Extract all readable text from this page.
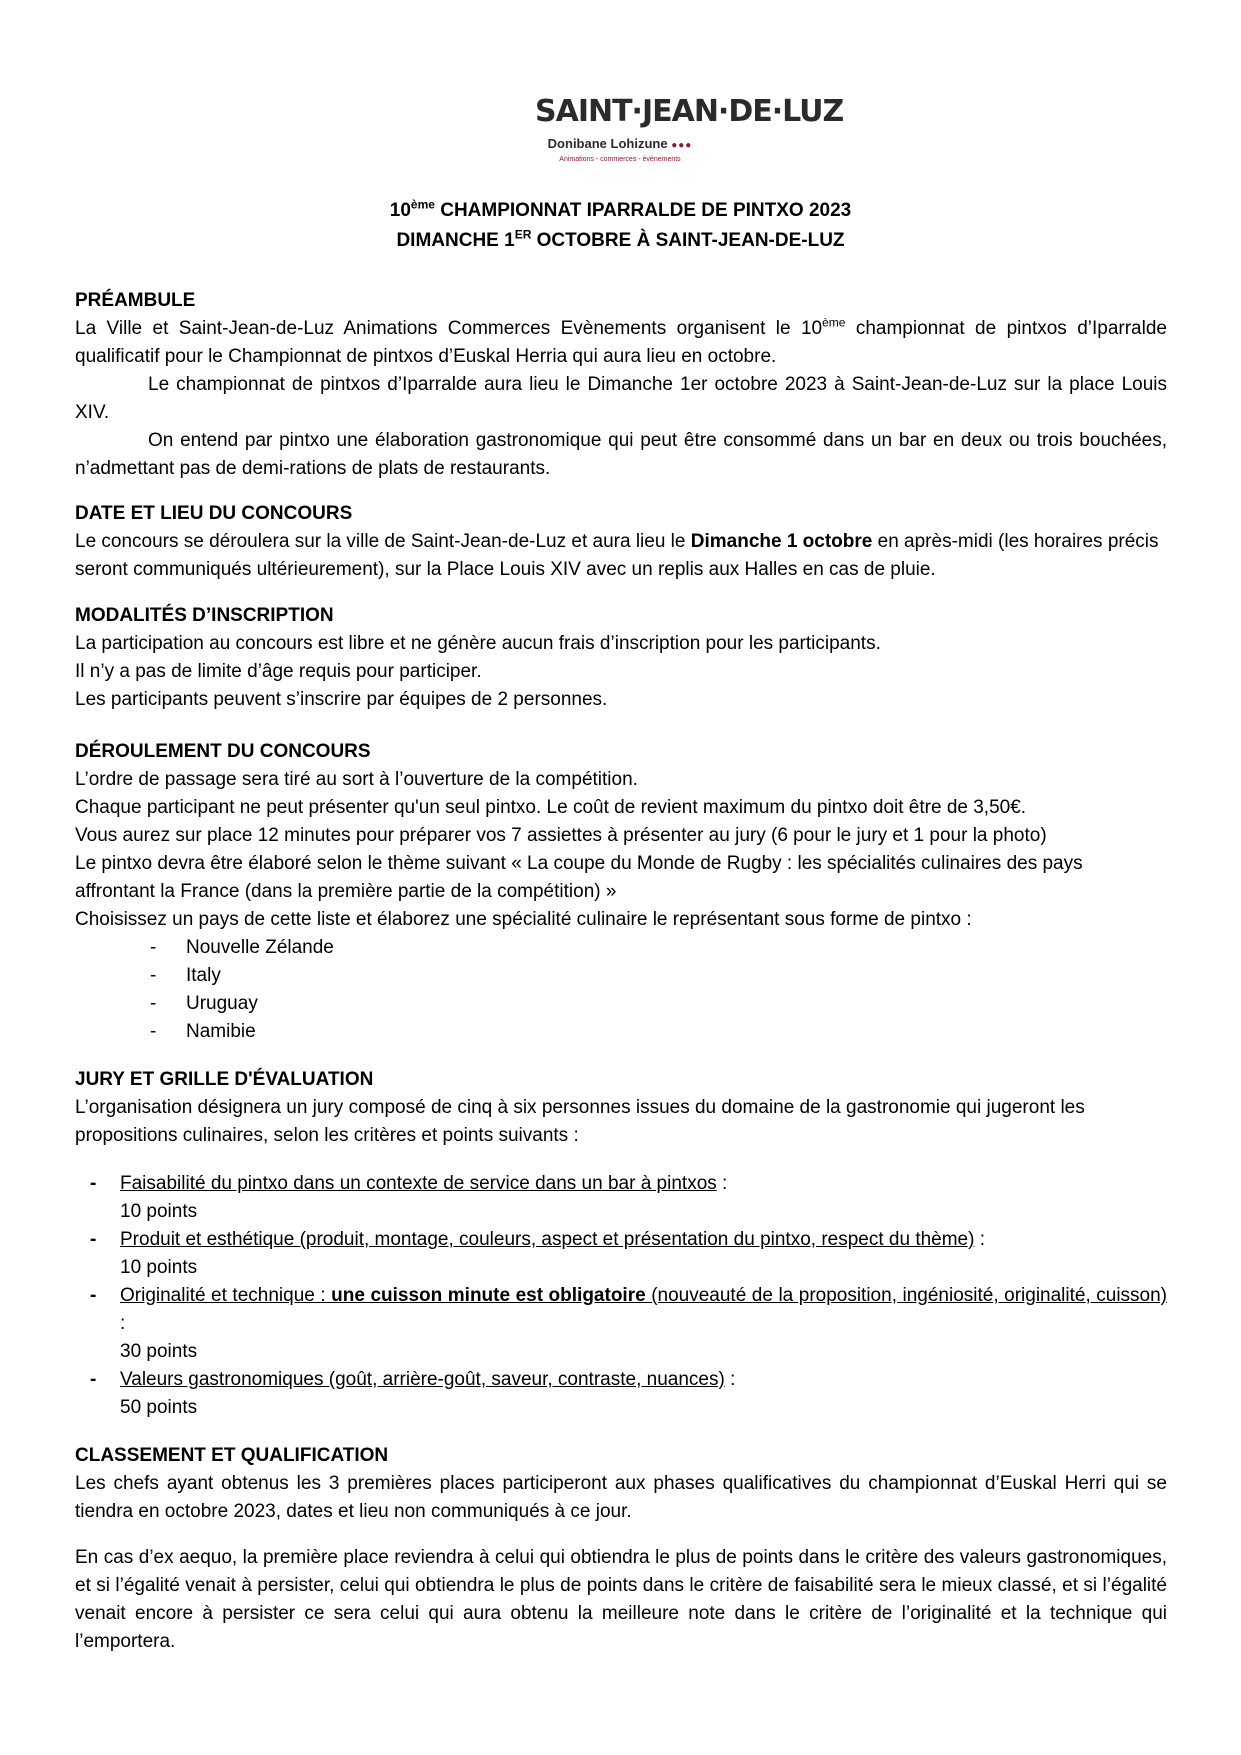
SAINT·JEAN·DE·LUZ
Donibane Lohizune ●●●
Animations - commerces - évènements
10ème CHAMPIONNAT IPARRALDE DE PINTXO 2023
DIMANCHE 1ER OCTOBRE À SAINT-JEAN-DE-LUZ
PRÉAMBULE
La Ville et Saint-Jean-de-Luz Animations Commerces Evènements organisent le 10ème championnat de pintxos d’Iparralde qualificatif pour le Championnat de pintxos d’Euskal Herria qui aura lieu en octobre.
Le championnat de pintxos d’Iparralde aura lieu le Dimanche 1er octobre 2023 à Saint-Jean-de-Luz sur la place Louis XIV.
On entend par pintxo une élaboration gastronomique qui peut être consommé dans un bar en deux ou trois bouchées, n’admettant pas de demi-rations de plats de restaurants.
DATE ET LIEU DU CONCOURS
Le concours se déroulera sur la ville de Saint-Jean-de-Luz et aura lieu le Dimanche 1 octobre en après-midi (les horaires précis seront communiqués ultérieurement), sur la Place Louis XIV avec un replis aux Halles en cas de pluie.
MODALITÉS D’INSCRIPTION
La participation au concours est libre et ne génère aucun frais d’inscription pour les participants.
Il n’y a pas de limite d’âge requis pour participer.
Les participants peuvent s’inscrire par équipes de 2 personnes.
DÉROULEMENT DU CONCOURS
L’ordre de passage sera tiré au sort à l’ouverture de la compétition.
Chaque participant ne peut présenter qu'un seul pintxo. Le coût de revient maximum du pintxo doit être de 3,50€.
Vous aurez sur place 12 minutes pour préparer vos 7 assiettes à présenter au jury (6 pour le jury et 1 pour la photo)
Le pintxo devra être élaboré selon le thème suivant « La coupe du Monde de Rugby : les spécialités culinaires des pays affrontant la France (dans la première partie de la compétition) »
Choisissez un pays de cette liste et élaborez une spécialité culinaire le représentant sous forme de pintxo :
- Nouvelle Zélande
- Italy
- Uruguay
- Namibie
JURY ET GRILLE D'ÉVALUATION
L’organisation désignera un jury composé de cinq à six personnes issues du domaine de la gastronomie qui jugeront les propositions culinaires, selon les critères et points suivants :
- Faisabilité du pintxo dans un contexte de service dans un bar à pintxos :
10 points
- Produit et esthétique (produit, montage, couleurs, aspect et présentation du pintxo, respect du thème) :
10 points
- Originalité et technique : une cuisson minute est obligatoire (nouveauté de la proposition, ingéniosité, originalité, cuisson) :
30 points
- Valeurs gastronomiques (goût, arrière-goût, saveur, contraste, nuances) :
50 points
CLASSEMENT ET QUALIFICATION
Les chefs ayant obtenus les 3 premières places participeront aux phases qualificatives du championnat d’Euskal Herri qui se tiendra en octobre 2023, dates et lieu non communiqués à ce jour.
En cas d’ex aequo, la première place reviendra à celui qui obtiendra le plus de points dans le critère des valeurs gastronomiques, et si l’égalité venait à persister, celui qui obtiendra le plus de points dans le critère de faisabilité sera le mieux classé, et si l’égalité venait encore à persister ce sera celui qui aura obtenu la meilleure note dans le critère de l’originalité et la technique qui l’emportera.
